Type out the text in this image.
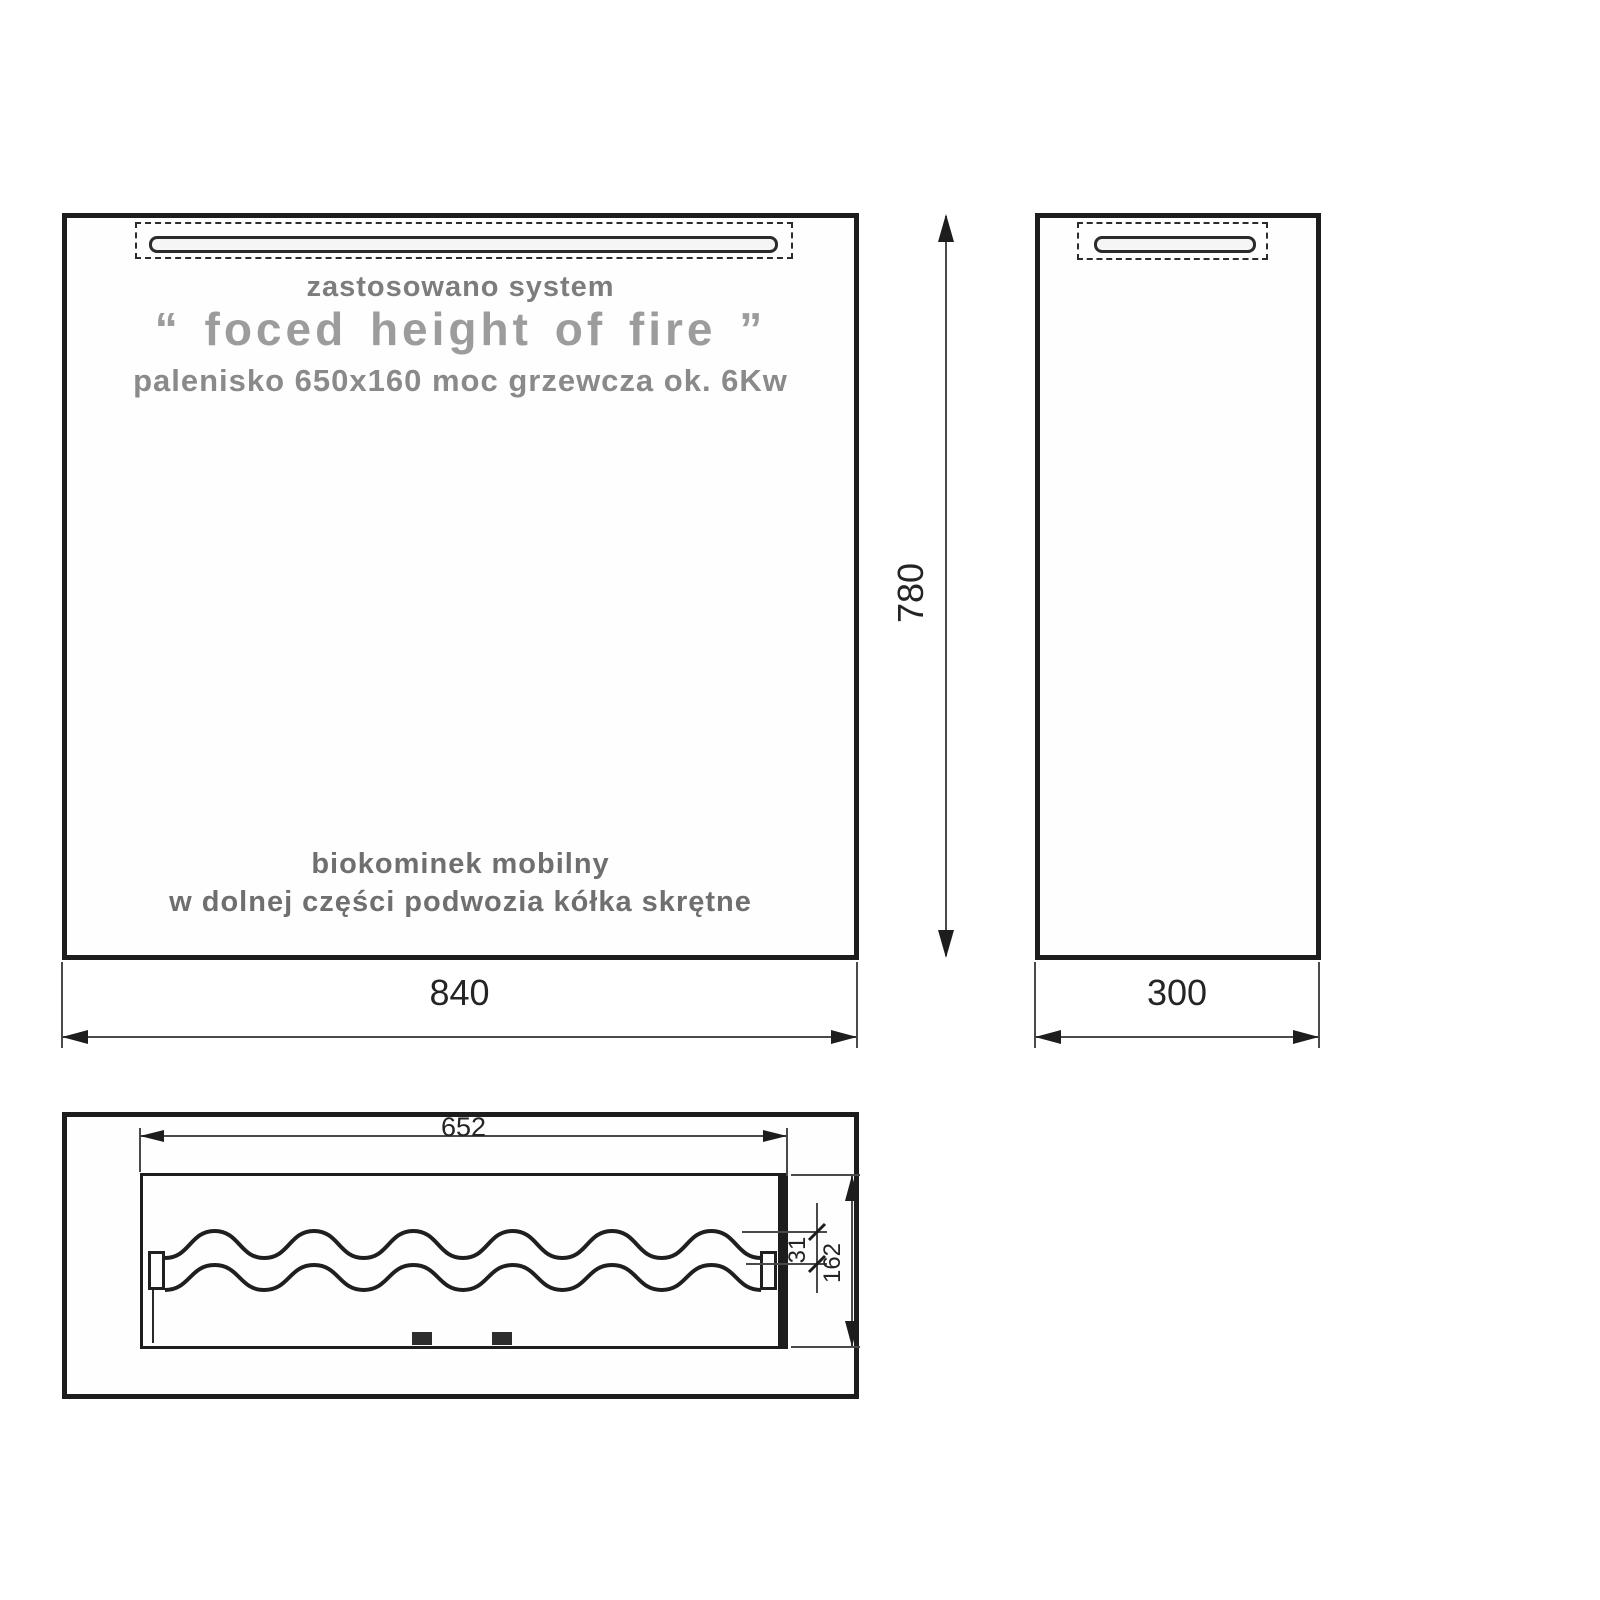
zastosowano system
“ foced height of fire ”
palenisko 650x160 moc grzewcza ok. 6Kw
biokominek mobilny
w dolnej części podwozia kółka skrętne
840
780
300
652
31 162
